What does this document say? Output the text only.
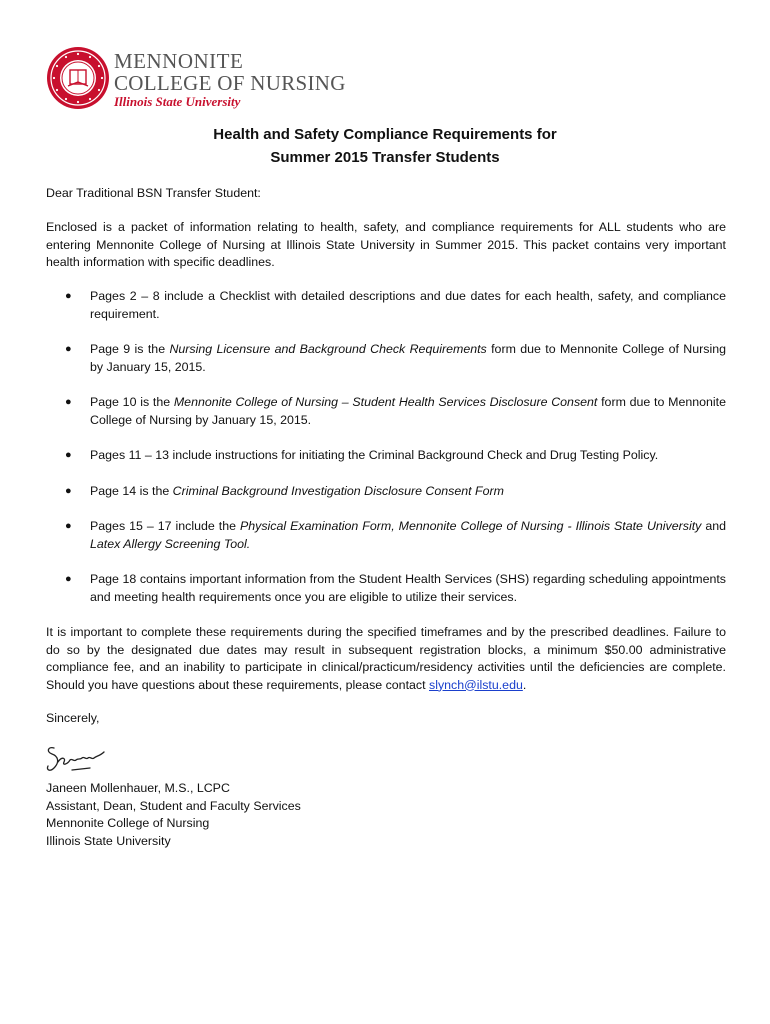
MENNONITE
COLLEGE OF NURSING
Illinois State University
Health and Safety Compliance Requirements for
Summer 2015 Transfer Students
Dear Traditional BSN Transfer Student:
Enclosed is a packet of information relating to health, safety, and compliance requirements for ALL students who are entering Mennonite College of Nursing at Illinois State University in Summer 2015. This packet contains very important health information with specific deadlines.
● Pages 2 – 8 include a Checklist with detailed descriptions and due dates for each health, safety, and compliance requirement.
● Page 9 is the Nursing Licensure and Background Check Requirements form due to Mennonite College of Nursing by January 15, 2015.
● Page 10 is the Mennonite College of Nursing – Student Health Services Disclosure Consent form due to Mennonite College of Nursing by January 15, 2015.
● Pages 11 – 13 include instructions for initiating the Criminal Background Check and Drug Testing Policy.
● Page 14 is the Criminal Background Investigation Disclosure Consent Form
● Pages 15 – 17 include the Physical Examination Form, Mennonite College of Nursing - Illinois State University and Latex Allergy Screening Tool.
● Page 18 contains important information from the Student Health Services (SHS) regarding scheduling appointments and meeting health requirements once you are eligible to utilize their services.
It is important to complete these requirements during the specified timeframes and by the prescribed deadlines. Failure to do so by the designated due dates may result in subsequent registration blocks, a minimum $50.00 administrative compliance fee, and an inability to participate in clinical/practicum/residency activities until the deficiencies are complete. Should you have questions about these requirements, please contact slynch@ilstu.edu.
Sincerely,
Janeen Mollenhauer, M.S., LCPC
Assistant, Dean, Student and Faculty Services
Mennonite College of Nursing
Illinois State University
